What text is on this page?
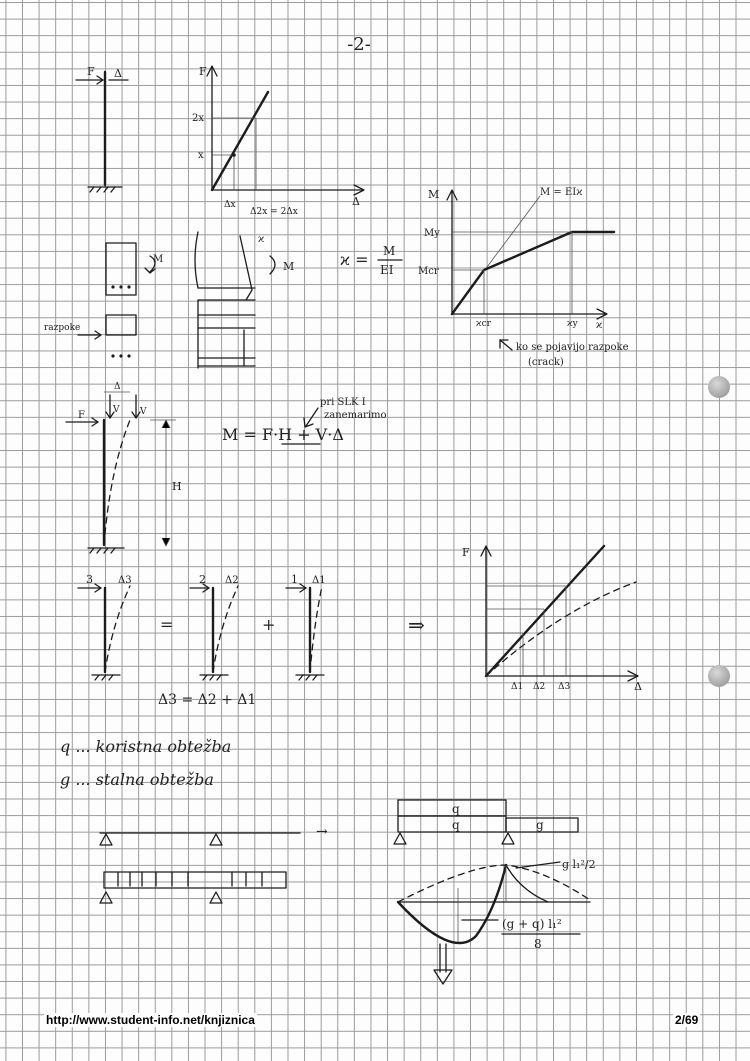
-2-
F Δ	F
Δ
2x
x
Δx
Δ2x = 2Δx
M
razpoke
M
ϰ
ϰ = M
EI
M	M = EIϰ
My
Mcr
ϰcr	ϰy ϰ
ko se pojavijo razpoke
(crack)
F	V V
Δ
H
M = F·H + V·Δ
pri SLK I
zanemarimo
3	Δ3
=
2 Δ2
+
1 Δ1
⇒
Δ3 = Δ2 + Δ1
F
Δ
Δ1 Δ2 Δ3
q ... koristna obtežba
g ... stalna obtežba
→
q
q	g
g l₁²/2
(g + q) l₁²
8
http://www.student-info.net/knjiznica	2/69
